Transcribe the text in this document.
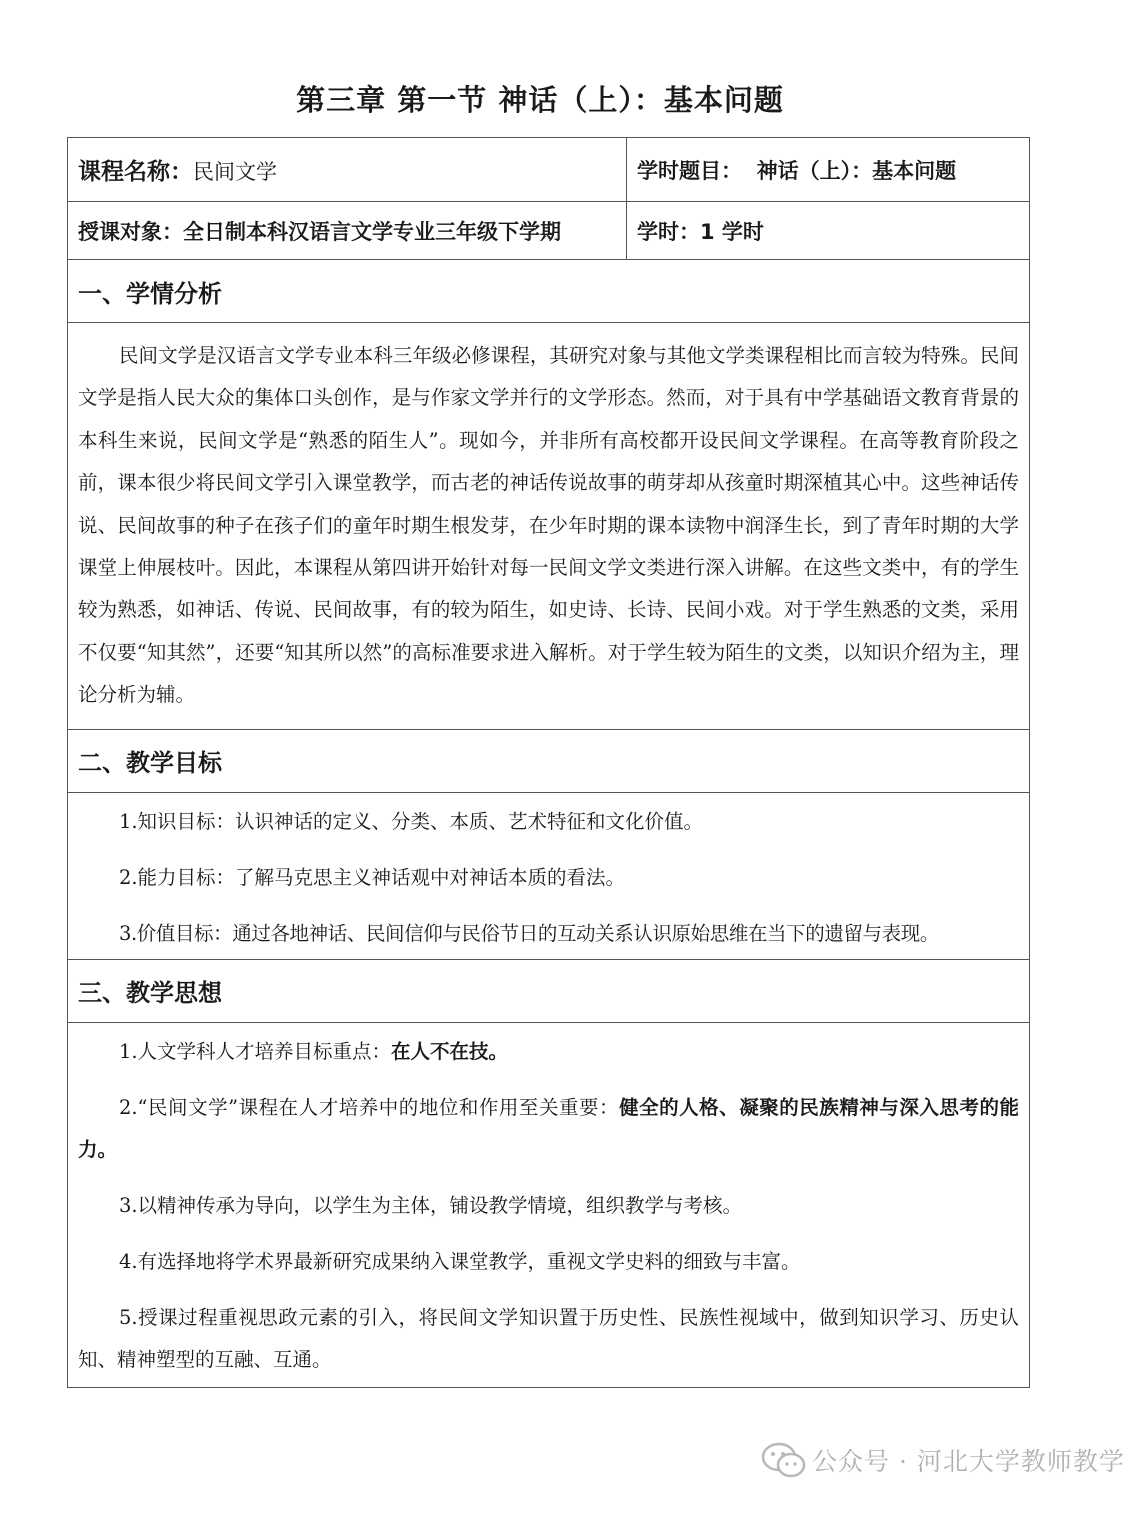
第三章 第一节 神话（上）：基本问题
课程名称：民间文学	学时题目： 神话（上）：基本问题
授课对象：全日制本科汉语言文学专业三年级下学期	学时：1 学时
一、学情分析	

民间文学是汉语言文学专业本科三年级必修课程，其研究对象与其他文学类课程相比而言较为特殊。民间文学是指人民大众的集体口头创作，是与作家文学并行的文学形态。然而，对于具有中学基础语文教育背景的本科生来说，民间文学是“熟悉的陌生人”。现如今，并非所有高校都开设民间文学课程。在高等教育阶段之前，课本很少将民间文学引入课堂教学，而古老的神话传说故事的萌芽却从孩童时期深植其心中。这些神话传说、民间故事的种子在孩子们的童年时期生根发芽，在少年时期的课本读物中润泽生长，到了青年时期的大学课堂上伸展枝叶。因此，本课程从第四讲开始针对每一民间文学文类进行深入讲解。在这些文类中，有的学生较为熟悉，如神话、传说、民间故事，有的较为陌生，如史诗、长诗、民间小戏。对于学生熟悉的文类，采用不仅要“知其然”，还要“知其所以然”的高标准要求进入解析。对于学生较为陌生的文类，以知识介绍为主，理论分析为辅。	

二、教学目标	

1.知识目标：认识神话的定义、分类、本质、艺术特征和文化价值。

2.能力目标：了解马克思主义神话观中对神话本质的看法。

3.价值目标：通过各地神话、民间信仰与民俗节日的互动关系认识原始思维在当下的遗留与表现。	

三、教学思想	

1.人文学科人才培养目标重点：在人不在技。

2.“民间文学”课程在人才培养中的地位和作用至关重要：健全的人格、凝聚的民族精神与深入思考的能力。

3.以精神传承为导向，以学生为主体，铺设教学情境，组织教学与考核。

4.有选择地将学术界最新研究成果纳入课堂教学，重视文学史料的细致与丰富。

5.授课过程重视思政元素的引入，将民间文学知识置于历史性、民族性视域中，做到知识学习、历史认知、精神塑型的互融、互通。	

公众号 · 河北大学教师教学
